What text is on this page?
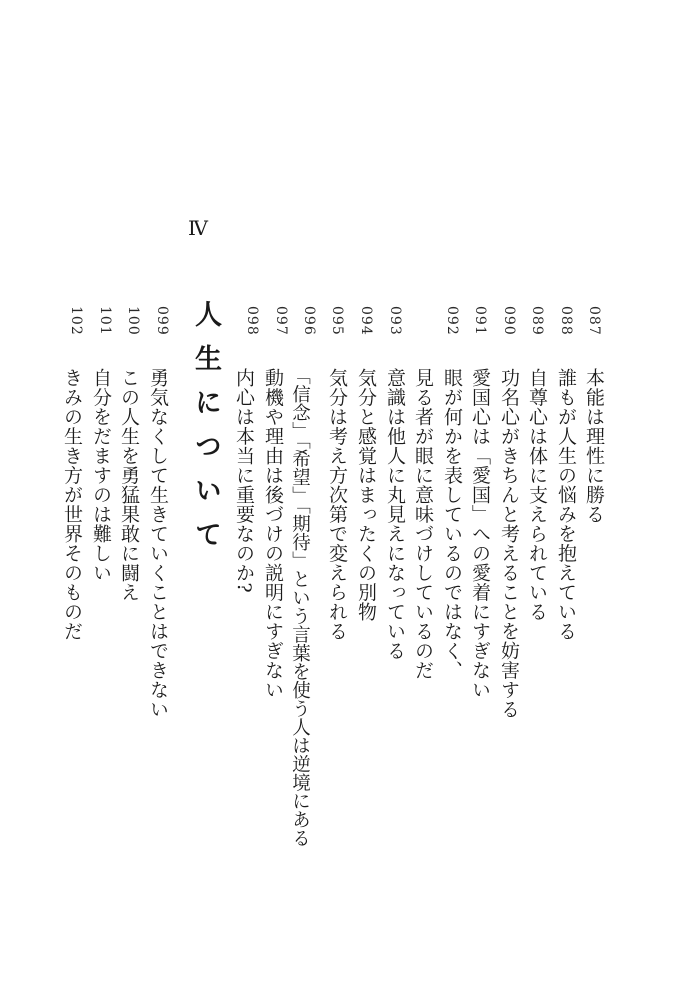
087
本能は理性に勝る
088
誰もが人生の悩みを抱えている
089
自尊心は体に支えられている
090
功名心がきちんと考えることを妨害する
091
愛国心は「愛国」への愛着にすぎない
092
眼が何かを表しているのではなく、
見る者が眼に意味づけしているのだ
093
意識は他人に丸見えになっている
094
気分と感覚はまったくの別物
095
気分は考え方次第で変えられる
096
「信念」「希望」「期待」という言葉を使う人は逆境にある
097
動機や理由は後づけの説明にすぎない
098
内心は本当に重要なのか?
Ⅳ
人生について
099
勇気なくして生きていくことはできない
100
この人生を勇猛果敢に闘え
101
自分をだますのは難しい
102
きみの生き方が世界そのものだ
